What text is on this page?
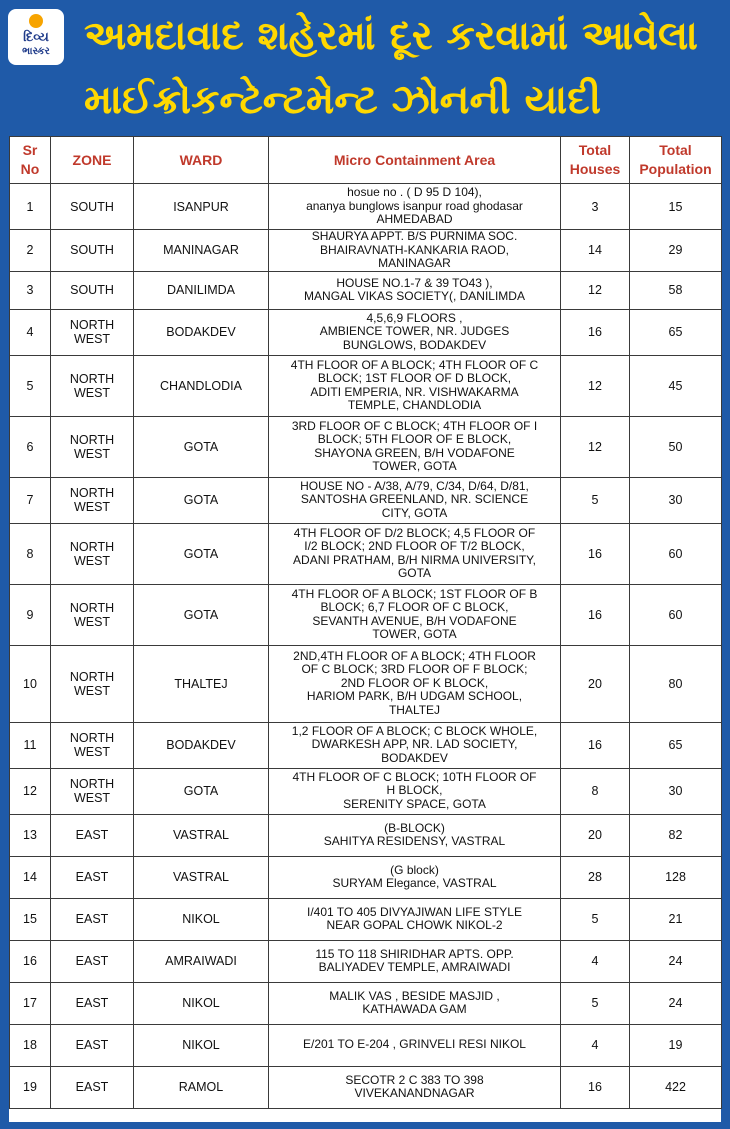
દિવ્ય
ભાસ્કર અમદાવાદ શહેરમાં દૂર કરવામાં આવેલા
માઈક્રોકન્ટેન્ટમેન્ટ ઝોનની યાદી
Sr No	ZONE	WARD	Micro Containment Area	Total Houses	Total Population
1	SOUTH	ISANPUR	hosue no . ( D 95 D 104),
ananya bunglows isanpur road ghodasar
AHMEDABAD	3	15
2	SOUTH	MANINAGAR	SHAURYA APPT. B/S PURNIMA SOC.
BHAIRAVNATH-KANKARIA RAOD,
MANINAGAR	14	29
3	SOUTH	DANILIMDA	HOUSE NO.1-7 & 39 TO43 ),
MANGAL VIKAS SOCIETY(, DANILIMDA	12	58
4	NORTH
WEST	BODAKDEV	4,5,6,9 FLOORS ,
AMBIENCE TOWER, NR. JUDGES
BUNGLOWS, BODAKDEV	16	65
5	NORTH
WEST	CHANDLODIA	4TH FLOOR OF A BLOCK; 4TH FLOOR OF C
BLOCK; 1ST FLOOR OF D BLOCK,
ADITI EMPERIA, NR. VISHWAKARMA
TEMPLE, CHANDLODIA	12	45
6	NORTH
WEST	GOTA	3RD FLOOR OF C BLOCK; 4TH FLOOR OF I
BLOCK; 5TH FLOOR OF E BLOCK,
SHAYONA GREEN, B/H VODAFONE
TOWER, GOTA	12	50
7	NORTH
WEST	GOTA	HOUSE NO - A/38, A/79, C/34, D/64, D/81,
SANTOSHA GREENLAND, NR. SCIENCE
CITY, GOTA	5	30
8	NORTH
WEST	GOTA	4TH FLOOR OF D/2 BLOCK; 4,5 FLOOR OF
I/2 BLOCK; 2ND FLOOR OF T/2 BLOCK,
ADANI PRATHAM, B/H NIRMA UNIVERSITY,
GOTA	16	60
9	NORTH
WEST	GOTA	4TH FLOOR OF A BLOCK; 1ST FLOOR OF B
BLOCK; 6,7 FLOOR OF C BLOCK,
SEVANTH AVENUE, B/H VODAFONE
TOWER, GOTA	16	60
10	NORTH
WEST	THALTEJ	2ND,4TH FLOOR OF A BLOCK; 4TH FLOOR
OF C BLOCK; 3RD FLOOR OF F BLOCK;
2ND FLOOR OF K BLOCK,
HARIOM PARK, B/H UDGAM SCHOOL,
THALTEJ	20	80
11	NORTH
WEST	BODAKDEV	1,2 FLOOR OF A BLOCK; C BLOCK WHOLE,
DWARKESH APP, NR. LAD SOCIETY,
BODAKDEV	16	65
12	NORTH
WEST	GOTA	4TH FLOOR OF C BLOCK; 10TH FLOOR OF
H BLOCK,
SERENITY SPACE, GOTA	8	30
13	EAST	VASTRAL	(B-BLOCK)
SAHITYA RESIDENSY, VASTRAL	20	82
14	EAST	VASTRAL	(G block)
SURYAM Elegance, VASTRAL	28	128
15	EAST	NIKOL	I/401 TO 405 DIVYAJIWAN LIFE STYLE
NEAR GOPAL CHOWK NIKOL-2	5	21
16	EAST	AMRAIWADI	115 TO 118 SHIRIDHAR APTS. OPP.
BALIYADEV TEMPLE, AMRAIWADI	4	24
17	EAST	NIKOL	MALIK VAS , BESIDE MASJID ,
KATHAWADA GAM	5	24
18	EAST	NIKOL	E/201 TO E-204 , GRINVELI RESI NIKOL	4	19
19	EAST	RAMOL	SECOTR 2 C 383 TO 398
VIVEKANANDNAGAR	16	422
